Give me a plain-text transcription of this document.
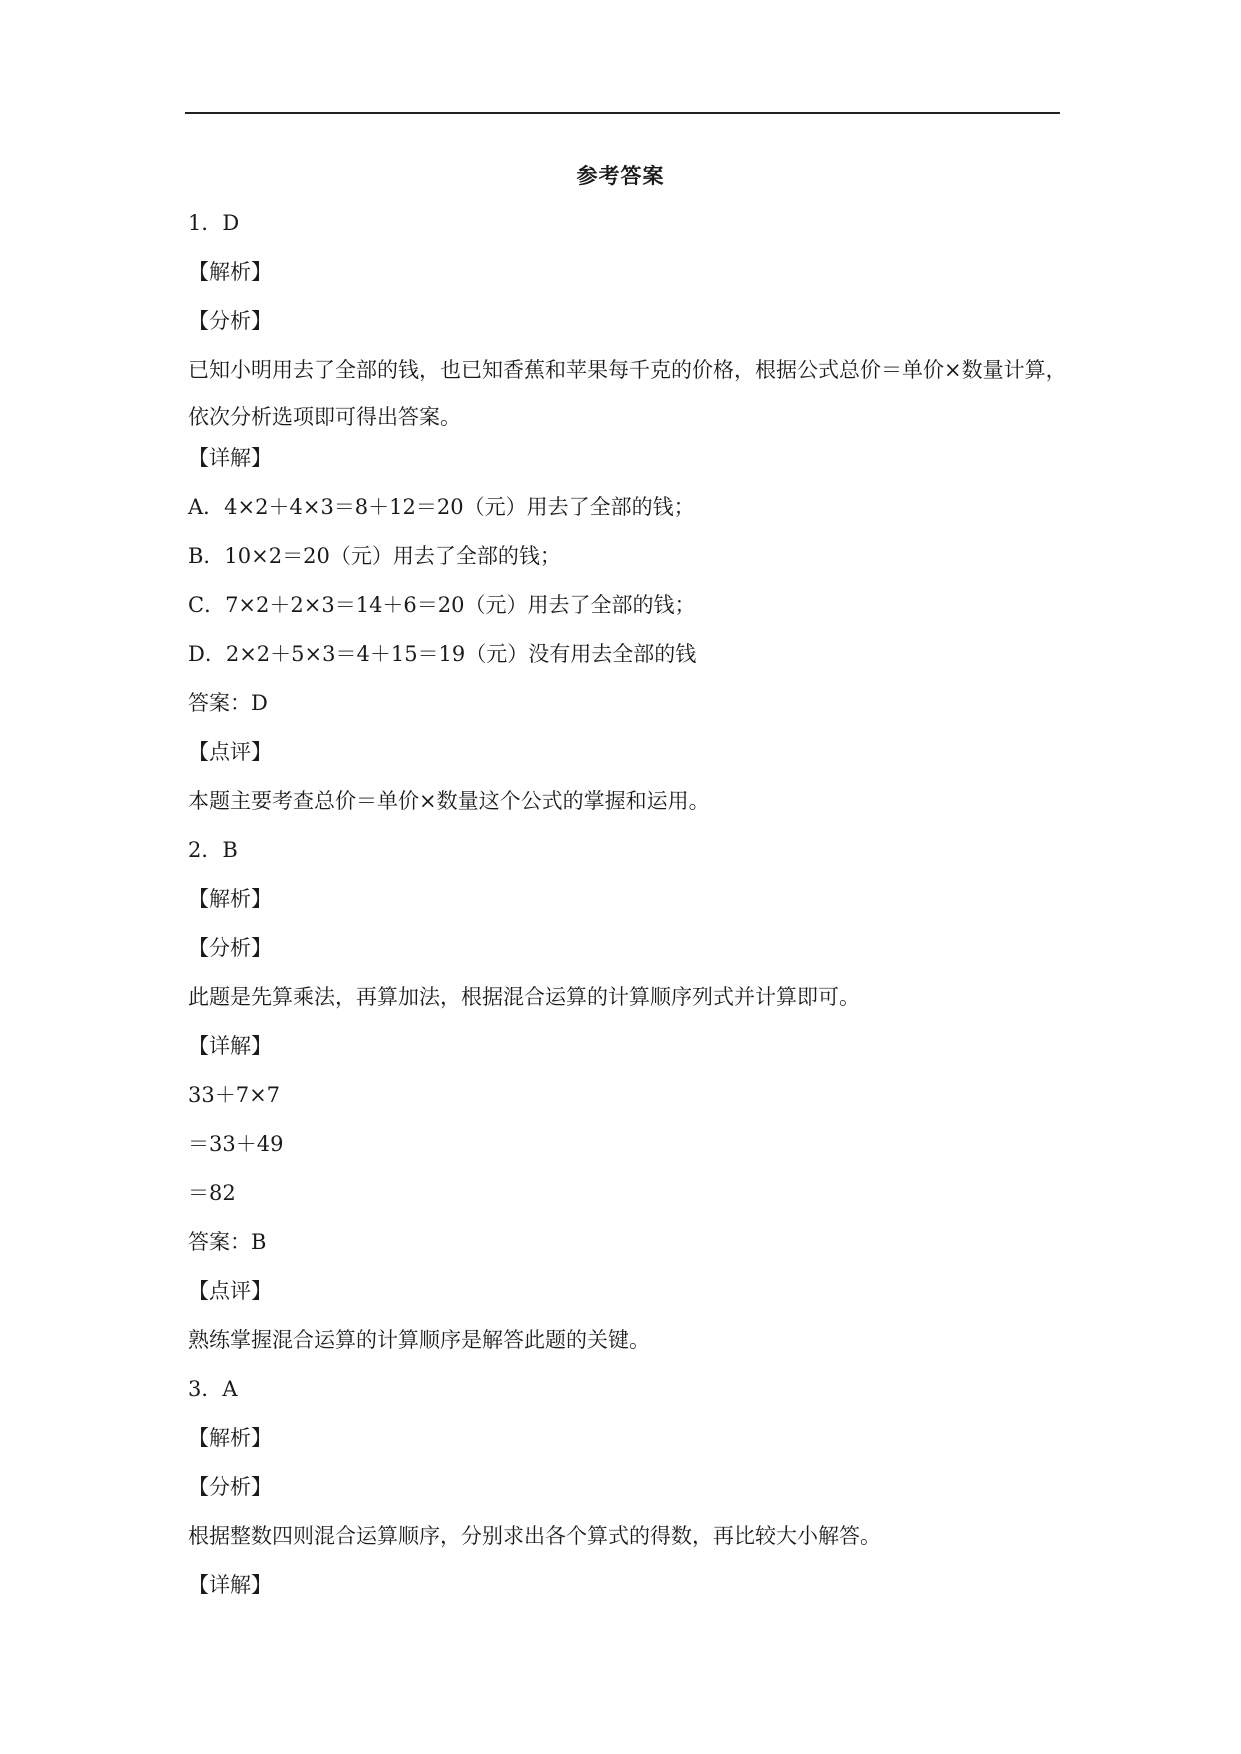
参考答案
1．D
【解析】
【分析】
已知小明用去了全部的钱，也已知香蕉和苹果每千克的价格，根据公式总价＝单价×数量计算，依次分析选项即可得出答案。
【详解】
A．4×2＋4×3＝8＋12＝20（元）用去了全部的钱；
B．10×2＝20（元）用去了全部的钱；
C．7×2＋2×3＝14＋6＝20（元）用去了全部的钱；
D．2×2＋5×3＝4＋15＝19（元）没有用去全部的钱
答案：D
【点评】
本题主要考查总价＝单价×数量这个公式的掌握和运用。
2．B
【解析】
【分析】
此题是先算乘法，再算加法，根据混合运算的计算顺序列式并计算即可。
【详解】
33＋7×7
＝33＋49
＝82
答案：B
【点评】
熟练掌握混合运算的计算顺序是解答此题的关键。
3．A
【解析】
【分析】
根据整数四则混合运算顺序，分别求出各个算式的得数，再比较大小解答。
【详解】
